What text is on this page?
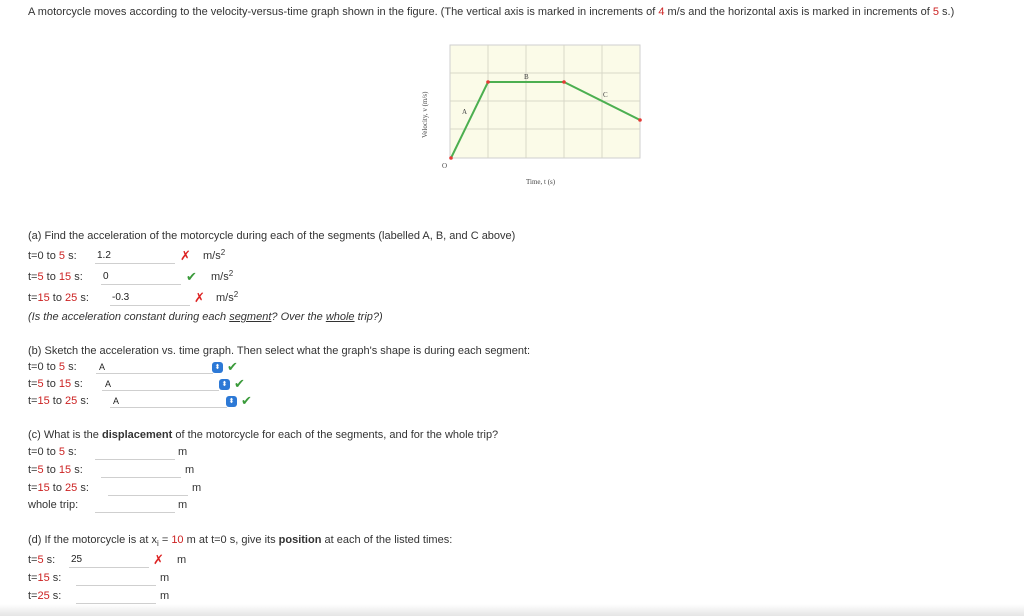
A motorcycle moves according to the velocity-versus-time graph shown in the figure. (The vertical axis is marked in increments of 4 m/s and the horizontal axis is marked in increments of 5 s.)
A
B
C
O
Time, t (s)
Velocity, v (m/s)
(a) Find the acceleration of the motorcycle during each of the segments (labelled A, B, and C above)
t=0 to 5 s: 1.2	✗ $m/s^2$
t=5 to 15 s: 0	✔ $m/s^2$
t=15 to 25 s: -0.3	✗ $m/s^2$
(Is the acceleration constant during each segment? Over the whole trip?)
(b) Sketch the acceleration vs. time graph. Then select what the graph's shape is during each segment:
t=0 to 5 s:	A	⬍ ✔
t=5 to 15 s:	A	⬍ ✔
t=15 to 25 s:	A	⬍ ✔
(c) What is the displacement of the motorcycle for each of the segments, and for the whole trip?
t=0 to 5 s:	m
t=5 to 15 s:	m
t=15 to 25 s:	m
whole trip:	m
(d) If the motorcycle is at $x_i = 10$ m at t=0 s, give its position at each of the listed times:
t=5 s: 25	✗ m
t=15 s:	m
t=25 s:	m
